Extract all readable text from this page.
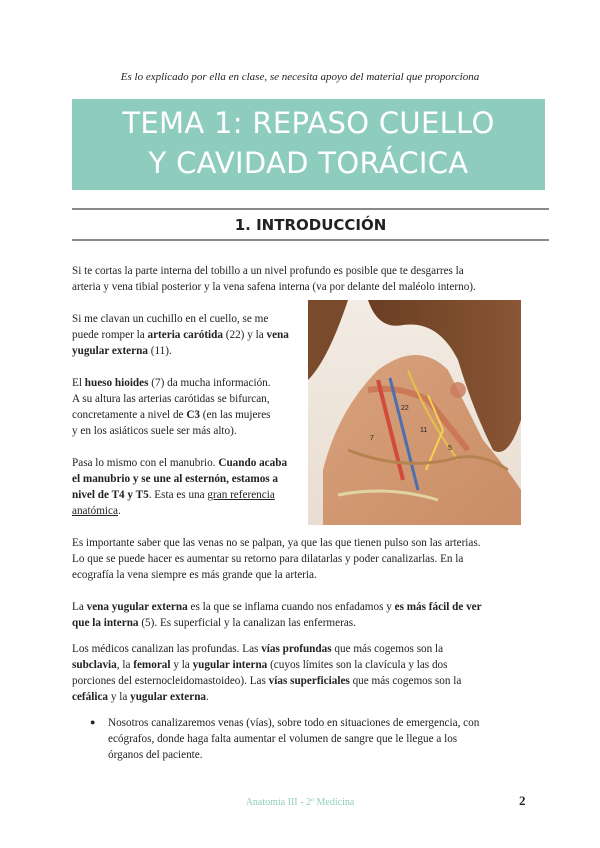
Es lo explicado por ella en clase, se necesita apoyo del material que proporciona
TEMA 1: REPASO CUELLO
Y CAVIDAD TORÁCICA
1. INTRODUCCIÓN

Si te cortas la parte interna del tobillo a un nivel profundo es posible que te desgarres la
arteria y vena tibial posterior y la vena safena interna (va por delante del maléolo interno).

Si me clavan un cuchillo en el cuello, se me
puede romper la arteria carótida (22) y la vena
yugular externa (11).

El hueso hioides (7) da mucha información.
A su altura las arterias carótidas se bifurcan,
concretamente a nivel de C3 (en las mujeres
y en los asiáticos suele ser más alto).

Pasa lo mismo con el manubrio. Cuando acaba
el manubrio y se une al esternón, estamos a
nivel de T4 y T5. Esta es una gran referencia
anatómica.

22
11
7
5

Es importante saber que las venas no se palpan, ya que las que tienen pulso son las arterias.
Lo que se puede hacer es aumentar su retorno para dilatarlas y poder canalizarlas. En la
ecografía la vena siempre es más grande que la arteria.

La vena yugular externa es la que se inflama cuando nos enfadamos y es más fácil de ver
que la interna (5). Es superficial y la canalizan las enfermeras.

Los médicos canalizan las profundas. Las vías profundas que más cogemos son la
subclavia, la femoral y la yugular interna (cuyos límites son la clavícula y las dos
porciones del esternocleidomastoideo). Las vías superficiales que más cogemos son la
cefálica y la yugular externa.

● Nosotros canalizaremos venas (vías), sobre todo en situaciones de emergencia, con
ecógrafos, donde haga falta aumentar el volumen de sangre que le llegue a los
órganos del paciente.

Anatomía III - 2º Medicina	2
